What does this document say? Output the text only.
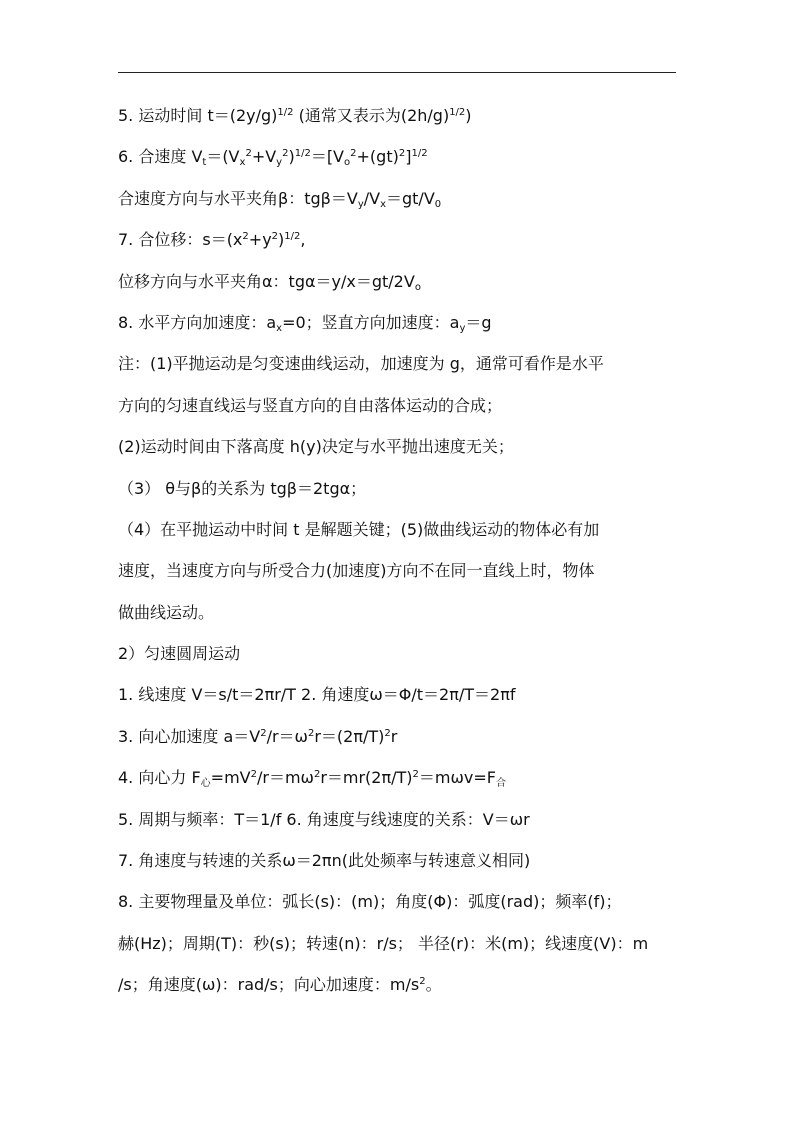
5. 运动时间 $t=(2y/g)^{1/2}$ (通常又表示为$(2h/g)^{1/2}$)
6. 合速度 $V_t=(V_x^2+V_y^2)^{1/2}=[V_o^2+(gt)^2]^{1/2}$
合速度方向与水平夹角β：$tg\beta=V_y/V_x=gt/V_0$
7. 合位移：$s=(x^2+y^2)^{1/2}$,
位移方向与水平夹角α：$tg\alpha=y/x=gt/2V_o$
8. 水平方向加速度：$a_x=0$；竖直方向加速度：$a_y=g$
注：(1)平抛运动是匀变速曲线运动，加速度为 g，通常可看作是水平
方向的匀速直线运与竖直方向的自由落体运动的合成；
(2)运动时间由下落高度 h(y)决定与水平抛出速度无关；
（3） θ与β的关系为 tgβ＝2tgα；
（4）在平抛运动中时间 t 是解题关键；(5)做曲线运动的物体必有加
速度，当速度方向与所受合力(加速度)方向不在同一直线上时，物体
做曲线运动。
2）匀速圆周运动
1. 线速度 V＝s/t＝2πr/T 2. 角速度ω＝Φ/t＝2π/T＝2πf
3. 向心加速度 $a=V^2/r=\omega^2r=(2\pi/T)^2r$
4. 向心力 $F_心=mV^2/r=m\omega^2r=mr(2\pi/T)^2=m\omega v=F_合$
5. 周期与频率：T＝1/f 6. 角速度与线速度的关系：V＝ωr
7. 角速度与转速的关系ω＝2πn(此处频率与转速意义相同)
8. 主要物理量及单位：弧长(s)：(m)；角度(Φ)：弧度(rad)；频率(f)；
赫(Hz)；周期(T)：秒(s)；转速(n)：r/s； 半径(r)：米(m)；线速度(V)：m
/s；角速度(ω)：rad/s；向心加速度：$m/s^2$。
